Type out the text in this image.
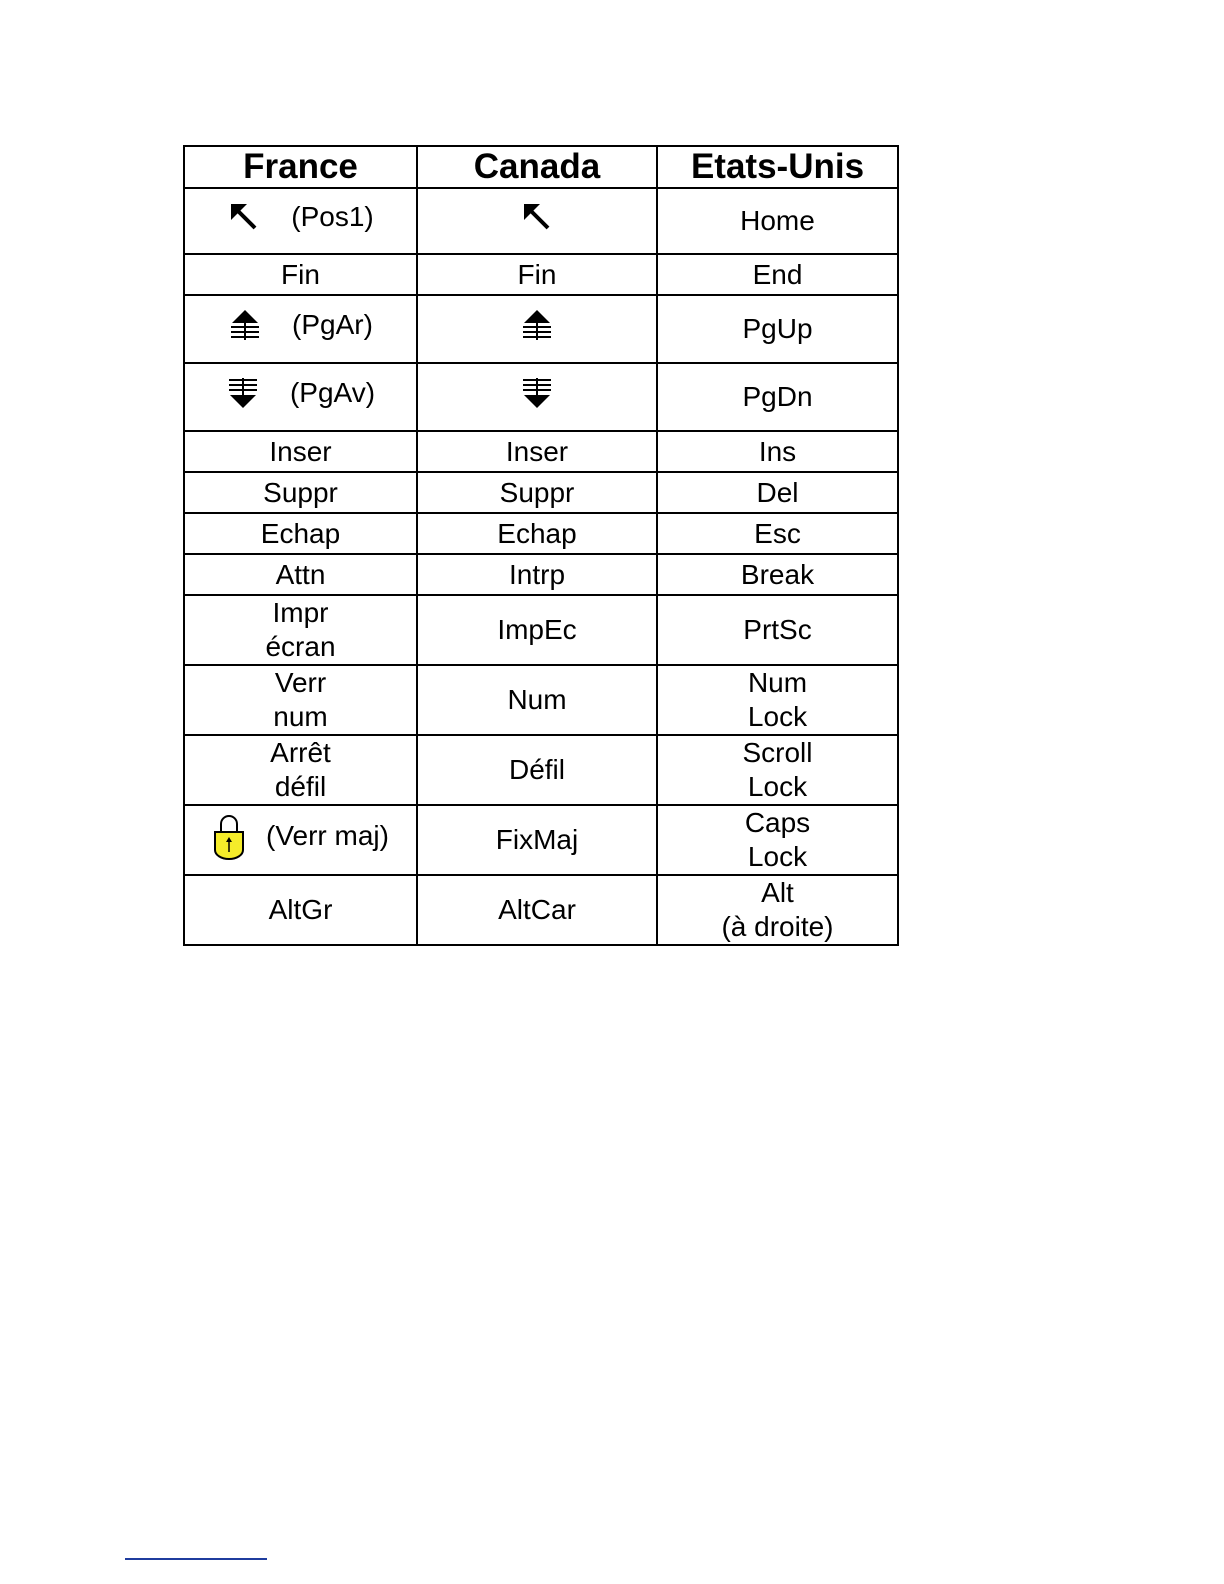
France	Canada	Etats-Unis

(Pos1)		Home
Fin	Fin	End

(PgAr)		PgUp

(PgAv)		PgDn
Inser	Inser	Ins
Suppr	Suppr	Del
Echap	Echap	Esc
Attn	Intrp	Break

Impr
écran	ImpEc	PrtSc

Verr
num	Num	Num
Lock

Arrêt
défil	Défil	Scroll
Lock

(Verr maj)	FixMaj	Caps
Lock

AltGr	AltCar	Alt
(à droite)
